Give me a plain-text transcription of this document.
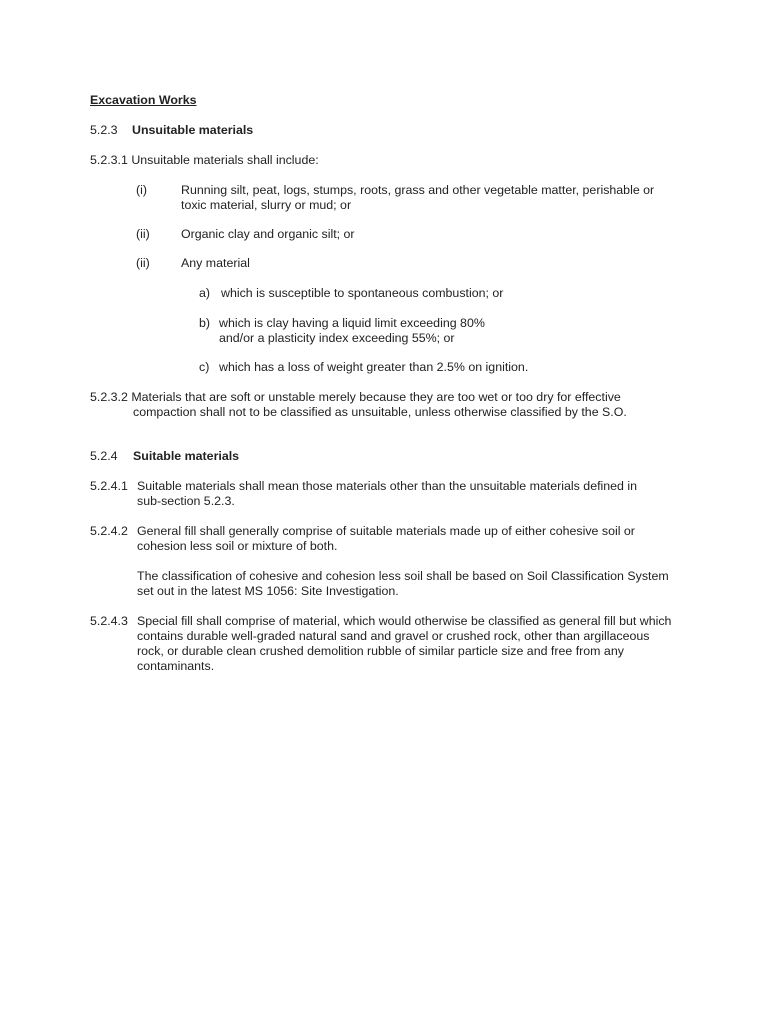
Excavation Works
5.2.3 Unsuitable materials
5.2.3.1 Unsuitable materials shall include:
(i)	Running silt, peat, logs, stumps, roots, grass and other vegetable matter, perishable or
toxic material, slurry or mud; or
(ii)	Organic clay and organic silt; or
(ii)	Any material
a) which is susceptible to spontaneous combustion; or
b) which is clay having a liquid limit exceeding 80%
and/or a plasticity index exceeding 55%; or
c) which has a loss of weight greater than 2.5% on ignition.
5.2.3.2 Materials that are soft or unstable merely because they are too wet or too dry for effective
compaction shall not to be classified as unsuitable, unless otherwise classified by the S.O.
5.2.4 Suitable materials
5.2.4.1 Suitable materials shall mean those materials other than the unsuitable materials defined in
sub-section 5.2.3.
5.2.4.2 General fill shall generally comprise of suitable materials made up of either cohesive soil or
cohesion less soil or mixture of both.
The classification of cohesive and cohesion less soil shall be based on Soil Classification System
set out in the latest MS 1056: Site Investigation.
5.2.4.3 Special fill shall comprise of material, which would otherwise be classified as general fill but which
contains durable well-graded natural sand and gravel or crushed rock, other than argillaceous
rock, or durable clean crushed demolition rubble of similar particle size and free from any
contaminants.
